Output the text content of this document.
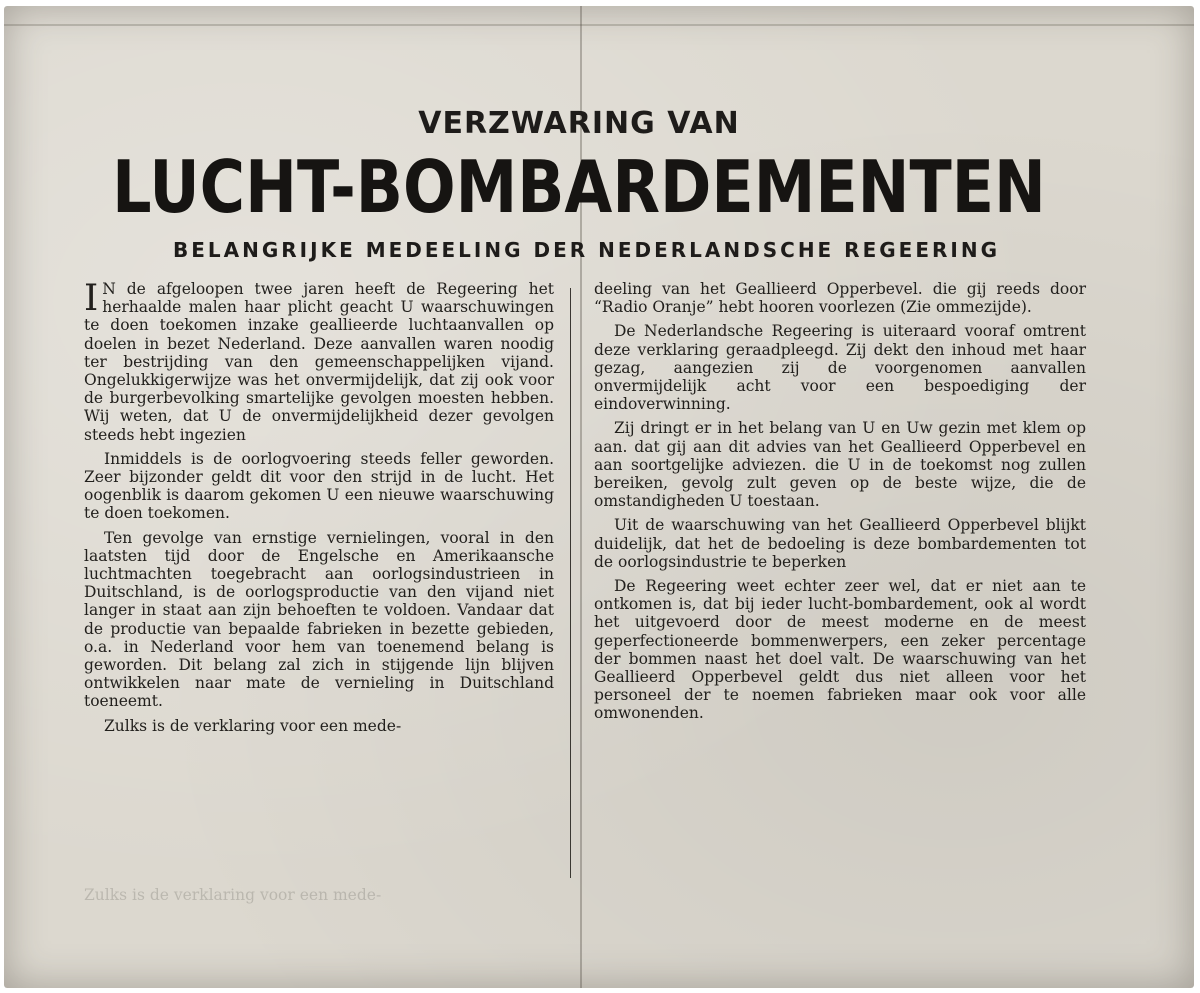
VERZWARING VAN
LUCHT-BOMBARDEMENTEN
BELANGRIJKE MEDEELING DER NEDERLANDSCHE REGEERING

I N de afgeloopen twee jaren heeft de Regeering het herhaalde malen haar plicht geacht U waarschuwingen te doen toekomen inzake geallieerde luchtaanvallen op doelen in bezet Nederland. Deze aanvallen waren noodig ter bestrijding van den gemeenschappelijken vijand. Ongelukkigerwijze was het onvermijdelijk, dat zij ook voor de burgerbevolking smartelijke gevolgen moesten hebben. Wij weten, dat U de onvermijdelijkheid dezer gevolgen steeds hebt ingezien

Inmiddels is de oorlogvoering steeds feller geworden. Zeer bijzonder geldt dit voor den strijd in de lucht. Het oogenblik is daarom gekomen U een nieuwe waarschuwing te doen toekomen.

Ten gevolge van ernstige vernielingen, vooral in den laatsten tijd door de Engelsche en Amerikaansche luchtmachten toegebracht aan oorlogsindustrieen in Duitschland, is de oorlogsproductie van den vijand niet langer in staat aan zijn behoeften te voldoen. Vandaar dat de productie van bepaalde fabrieken in bezette gebieden, o.a. in Nederland voor hem van toenemend belang is geworden. Dit belang zal zich in stijgende lijn blijven ontwikkelen naar mate de vernieling in Duitschland toeneemt.

Zulks is de verklaring voor een mede-

deeling van het Geallieerd Opperbevel. die gij reeds door “Radio Oranje” hebt hooren voorlezen (Zie ommezijde).

De Nederlandsche Regeering is uiteraard vooraf omtrent deze verklaring geraadpleegd. Zij dekt den inhoud met haar gezag, aangezien zij de voorgenomen aanvallen onvermijdelijk acht voor een bespoediging der eindoverwinning.

Zij dringt er in het belang van U en Uw gezin met klem op aan. dat gij aan dit advies van het Geallieerd Opperbevel en aan soortgelijke adviezen. die U in de toekomst nog zullen bereiken, gevolg zult geven op de beste wijze, die de omstandigheden U toestaan.

Uit de waarschuwing van het Geallieerd Opperbevel blijkt duidelijk, dat het de bedoeling is deze bombardementen tot de oorlogsindustrie te beperken

De Regeering weet echter zeer wel, dat er niet aan te ontkomen is, dat bij ieder lucht-bombardement, ook al wordt het uitgevoerd door de meest moderne en de meest geperfectioneerde bommenwerpers, een zeker percentage der bommen naast het doel valt. De waarschuwing van het Geallieerd Opperbevel geldt dus niet alleen voor het personeel der te noemen fabrieken maar ook voor alle omwonenden.

Zulks is de verklaring voor een mede-
